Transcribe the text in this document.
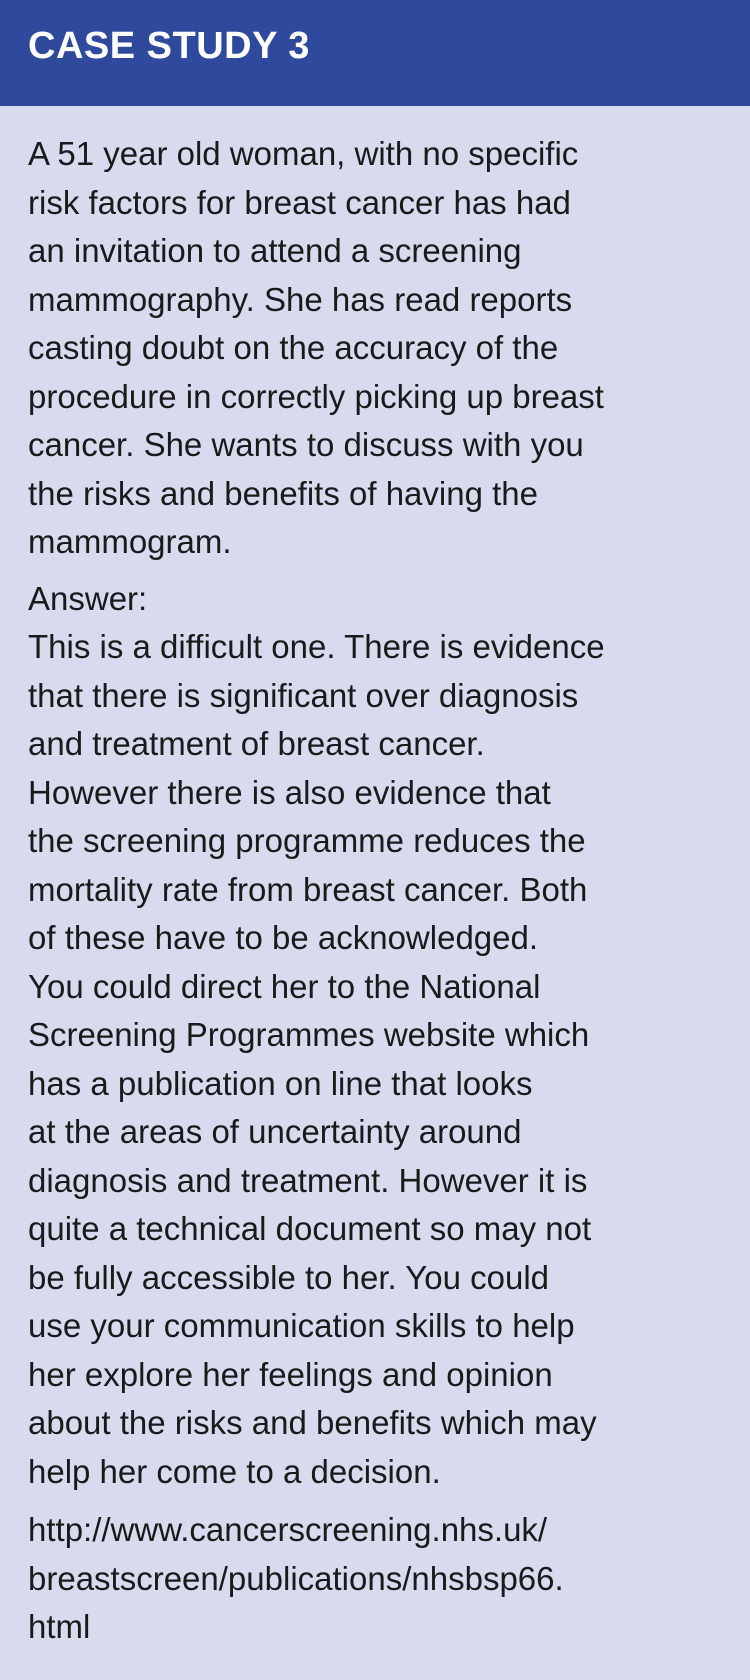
CASE STUDY 3

A 51 year old woman, with no specific
risk factors for breast cancer has had
an invitation to attend a screening
mammography. She has read reports
casting doubt on the accuracy of the
procedure in correctly picking up breast
cancer. She wants to discuss with you
the risks and benefits of having the
mammogram.

Answer:

This is a difficult one. There is evidence
that there is significant over diagnosis
and treatment of breast cancer.
However there is also evidence that
the screening programme reduces the
mortality rate from breast cancer. Both
of these have to be acknowledged.
You could direct her to the National
Screening Programmes website which
has a publication on line that looks
at the areas of uncertainty around
diagnosis and treatment. However it is
quite a technical document so may not
be fully accessible to her. You could
use your communication skills to help
her explore her feelings and opinion
about the risks and benefits which may
help her come to a decision.

http://www.cancerscreening.nhs.uk/
breastscreen/publications/nhsbsp66.
html
